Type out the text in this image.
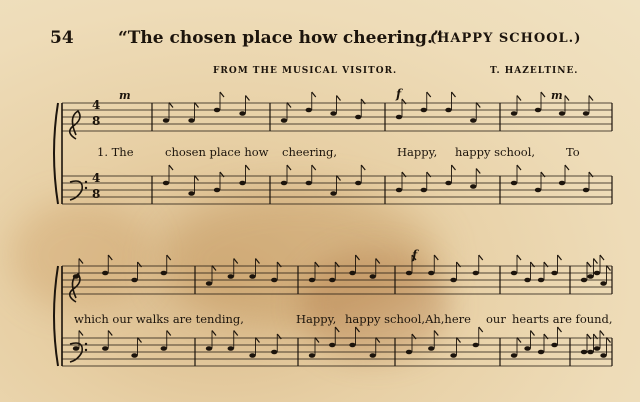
54	“The chosen place how cheering.”
(HAPPY SCHOOL.)
FROM THE MUSICAL VISITOR.	T. HAZELTINE.
4
8
4
8
m	f	m
f
1. The	chosen place how cheering,	Happy, happy school,	To
which our walks are tending,	Happy, happy school,Ah,here our hearts are found,
